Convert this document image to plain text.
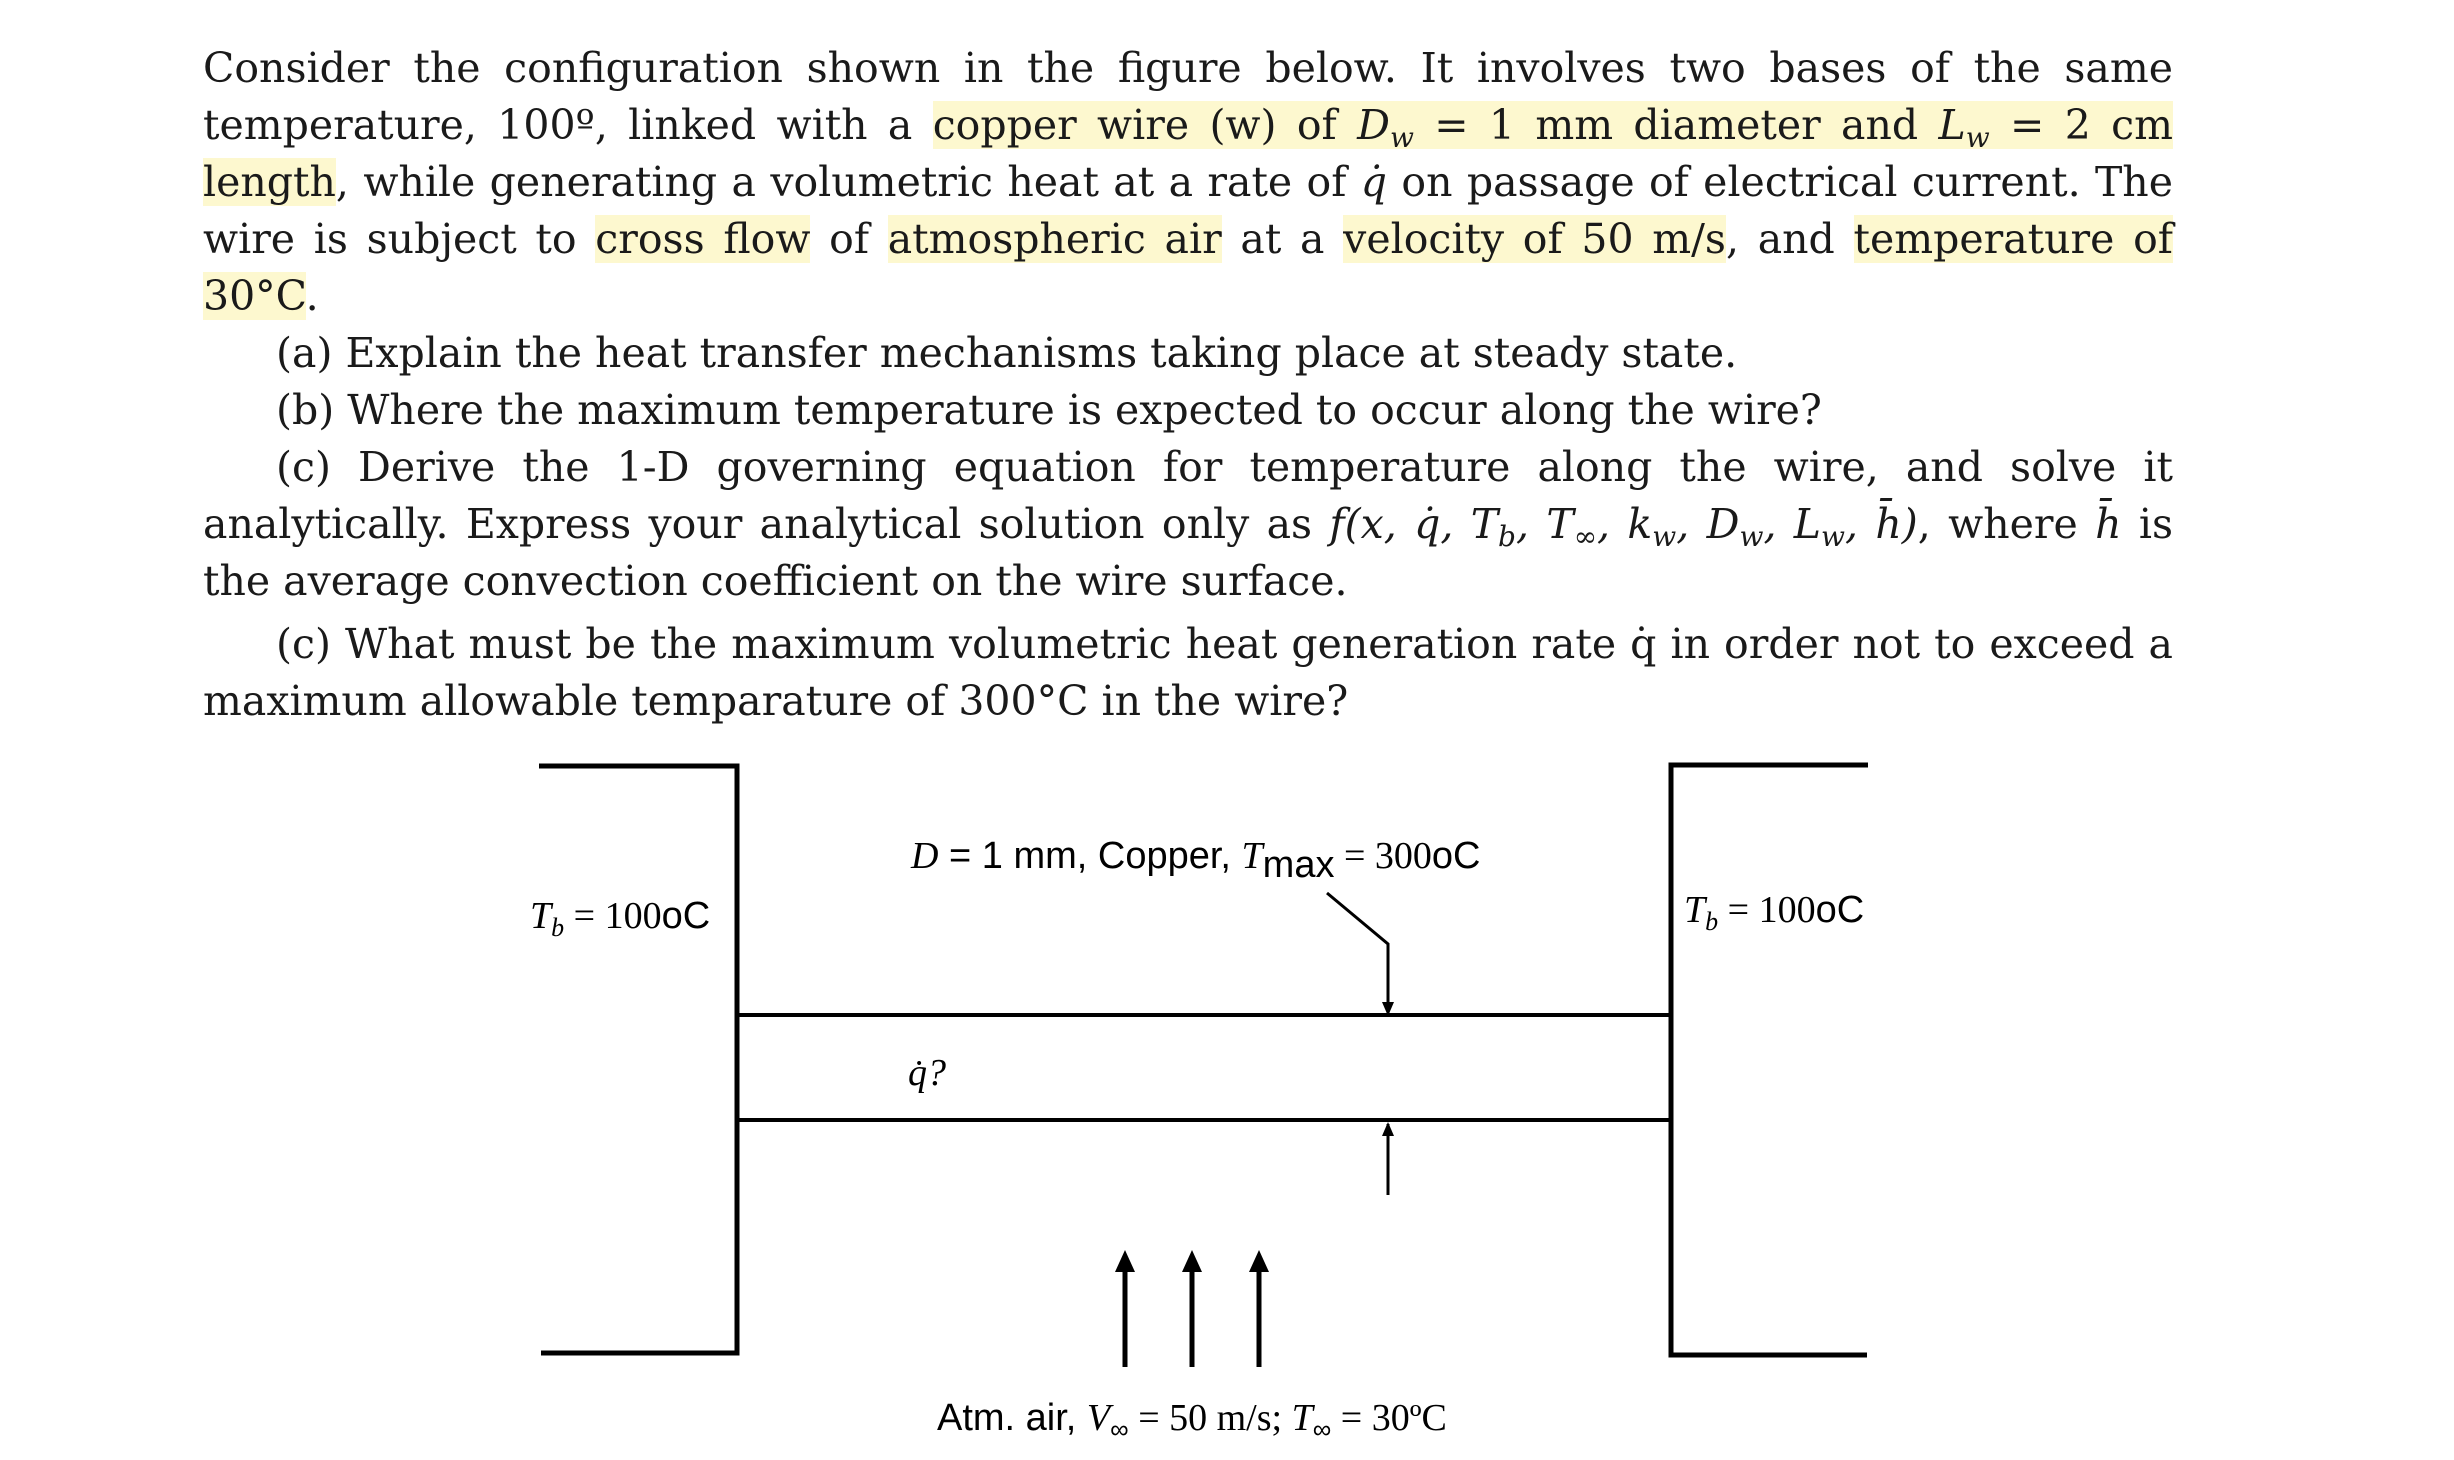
Consider the configuration shown in the figure below. It involves two bases of the same temperature, 100º, linked with a copper wire (w) of $D_w = 1$ mm diameter and $L_w = 2$ cm length, while generating a volumetric heat at a rate of q̇ on passage of electrical current. The wire is subject to cross flow of atmospheric air at a velocity of 50 m/s, and temperature of 30°C.

(a) Explain the heat transfer mechanisms taking place at steady state.

(b) Where the maximum temperature is expected to occur along the wire?

(c) Derive the 1-D governing equation for temperature along the wire, and solve it analytically. Express your analytical solution only as f(x, q̇, $T_b$, $T_\infty$, $k_w$, $D_w$, $L_w$, h̄), where h̄ is the average convection coefficient on the wire surface.

(c) What must be the maximum volumetric heat generation rate q̇ in order not to exceed a maximum allowable temparature of 300°C in the wire?

$T_b = 100oC$	$T_b = 100oC$
D = 1 mm, Copper, Tmax = 300oC
q̇?
Atm. air, $V_\infty = 50$ m/s; $T_\infty$ = 30ºC
